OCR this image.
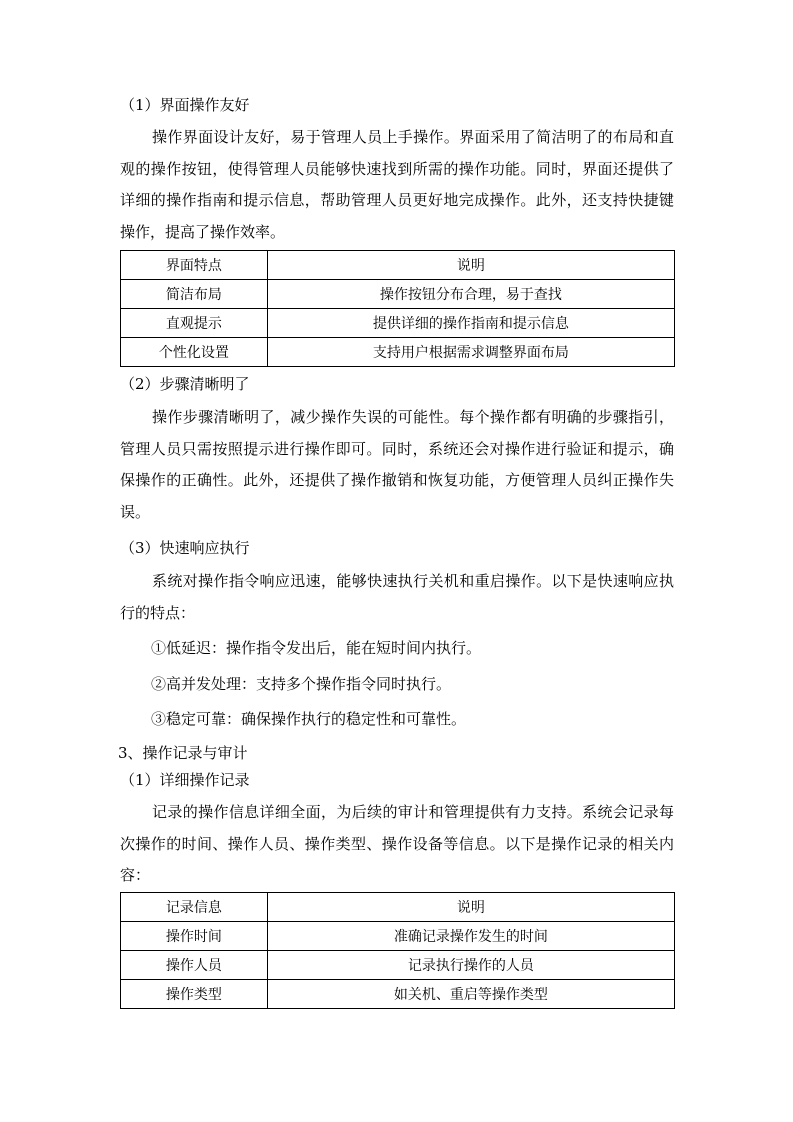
（1）界面操作友好
操作界面设计友好，易于管理人员上手操作。界面采用了简洁明了的布局和直观的操作按钮，使得管理人员能够快速找到所需的操作功能。同时，界面还提供了详细的操作指南和提示信息，帮助管理人员更好地完成操作。此外，还支持快捷键操作，提高了操作效率。
界面特点	说明
简洁布局	操作按钮分布合理，易于查找
直观提示	提供详细的操作指南和提示信息
个性化设置	支持用户根据需求调整界面布局
（2）步骤清晰明了
操作步骤清晰明了，减少操作失误的可能性。每个操作都有明确的步骤指引，管理人员只需按照提示进行操作即可。同时，系统还会对操作进行验证和提示，确保操作的正确性。此外，还提供了操作撤销和恢复功能，方便管理人员纠正操作失误。
（3）快速响应执行
系统对操作指令响应迅速，能够快速执行关机和重启操作。以下是快速响应执行的特点：
①低延迟：操作指令发出后，能在短时间内执行。
②高并发处理：支持多个操作指令同时执行。
③稳定可靠：确保操作执行的稳定性和可靠性。
3、操作记录与审计
（1）详细操作记录
记录的操作信息详细全面，为后续的审计和管理提供有力支持。系统会记录每次操作的时间、操作人员、操作类型、操作设备等信息。以下是操作记录的相关内容：
记录信息	说明
操作时间	准确记录操作发生的时间
操作人员	记录执行操作的人员
操作类型	如关机、重启等操作类型
